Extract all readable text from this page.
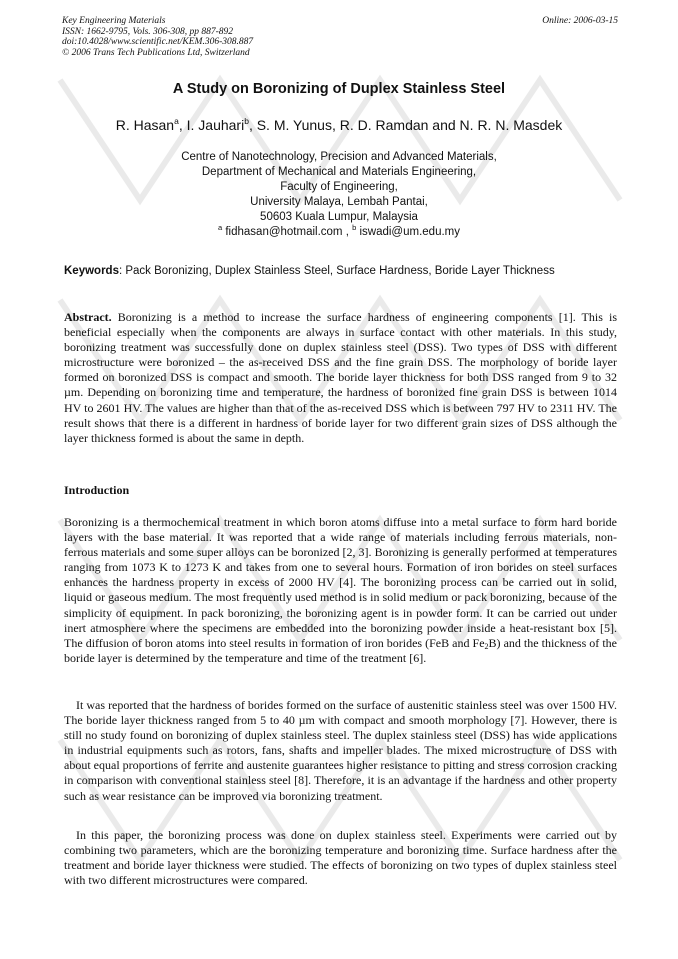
Key Engineering Materials
ISSN: 1662-9795, Vols. 306-308, pp 887-892
doi:10.4028/www.scientific.net/KEM.306-308.887
© 2006 Trans Tech Publications Ltd, Switzerland
Online: 2006-03-15
A Study on Boronizing of Duplex Stainless Steel
R. Hasan$^a$, I. Jauhari$^b$, S. M. Yunus, R. D. Ramdan and N. R. N. Masdek
Centre of Nanotechnology, Precision and Advanced Materials,
Department of Mechanical and Materials Engineering,
Faculty of Engineering,
University Malaya, Lembah Pantai,
50603 Kuala Lumpur, Malaysia
$^a$ fidhasan@hotmail.com , $^b$ iswadi@um.edu.my
Keywords: Pack Boronizing, Duplex Stainless Steel, Surface Hardness, Boride Layer Thickness
Abstract. Boronizing is a method to increase the surface hardness of engineering components [1]. This is beneficial especially when the components are always in surface contact with other materials. In this study, boronizing treatment was successfully done on duplex stainless steel (DSS). Two types of DSS with different microstructure were boronized – the as-received DSS and the fine grain DSS. The morphology of boride layer formed on boronized DSS is compact and smooth. The boride layer thickness for both DSS ranged from 9 to 32 µm. Depending on boronizing time and temperature, the hardness of boronized fine grain DSS is between 1014 HV to 2601 HV. The values are higher than that of the as-received DSS which is between 797 HV to 2311 HV. The result shows that there is a different in hardness of boride layer for two different grain sizes of DSS although the layer thickness formed is about the same in depth.
Introduction
Boronizing is a thermochemical treatment in which boron atoms diffuse into a metal surface to form hard boride layers with the base material. It was reported that a wide range of materials including ferrous materials, non-ferrous materials and some super alloys can be boronized [2, 3]. Boronizing is generally performed at temperatures ranging from 1073 K to 1273 K and takes from one to several hours. Formation of iron borides on steel surfaces enhances the hardness property in excess of 2000 HV [4]. The boronizing process can be carried out in solid, liquid or gaseous medium. The most frequently used method is in solid medium or pack boronizing, because of the simplicity of equipment. In pack boronizing, the boronizing agent is in powder form. It can be carried out under inert atmosphere where the specimens are embedded into the boronizing powder inside a heat-resistant box [5]. The diffusion of boron atoms into steel results in formation of iron borides (FeB and $Fe_2B$) and the thickness of the boride layer is determined by the temperature and time of the treatment [6].
It was reported that the hardness of borides formed on the surface of austenitic stainless steel was over 1500 HV. The boride layer thickness ranged from 5 to 40 µm with compact and smooth morphology [7]. However, there is still no study found on boronizing of duplex stainless steel. The duplex stainless steel (DSS) has wide applications in industrial equipments such as rotors, fans, shafts and impeller blades. The mixed microstructure of DSS with about equal proportions of ferrite and austenite guarantees higher resistance to pitting and stress corrosion cracking in comparison with conventional stainless steel [8]. Therefore, it is an advantage if the hardness and other property such as wear resistance can be improved via boronizing treatment.
In this paper, the boronizing process was done on duplex stainless steel. Experiments were carried out by combining two parameters, which are the boronizing temperature and boronizing time. Surface hardness after the treatment and boride layer thickness were studied. The effects of boronizing on two types of duplex stainless steel with two different microstructures were compared.
